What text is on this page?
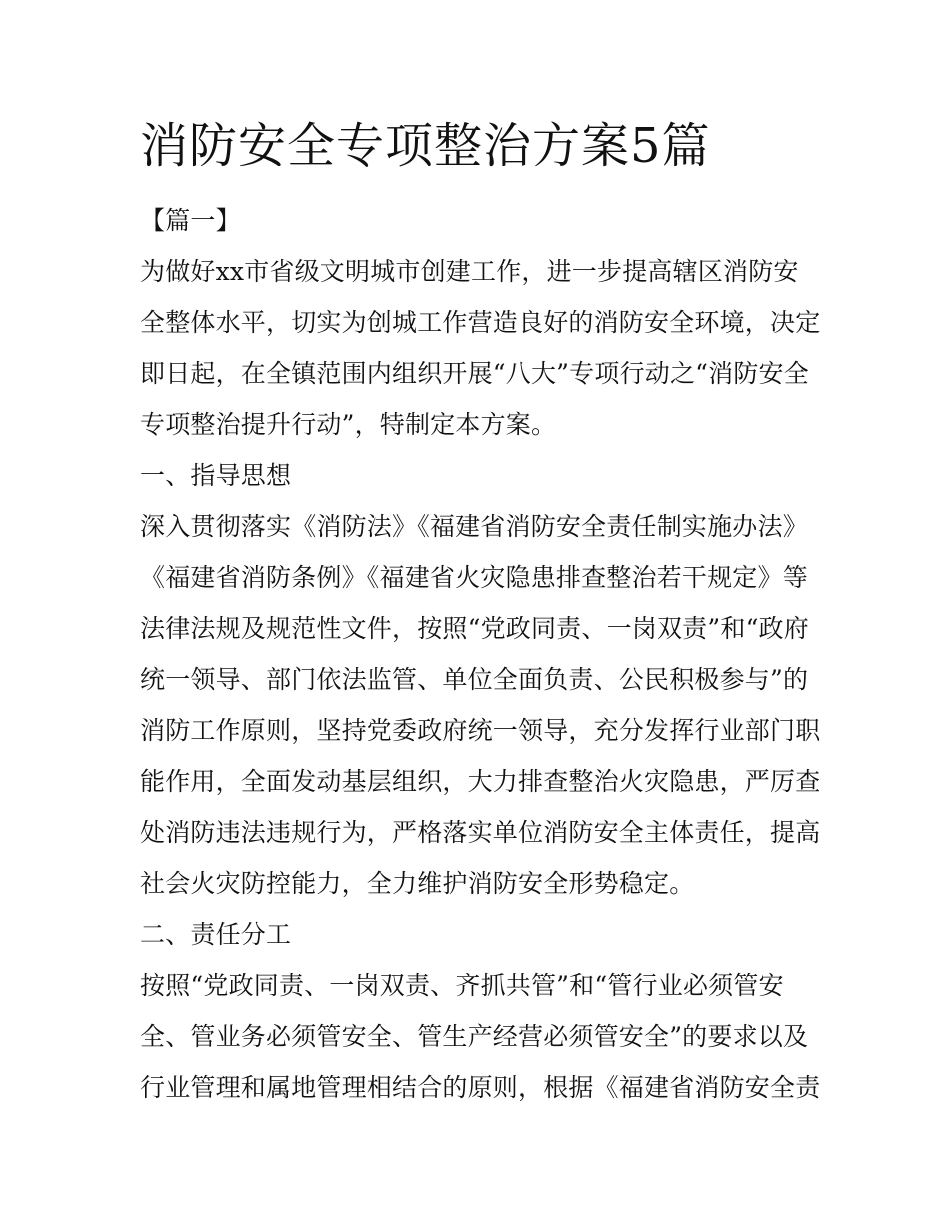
消防安全专项整治方案5篇

【篇一】

为做好xx市省级文明城市创建工作，进一步提高辖区消防安

全整体水平，切实为创城工作营造良好的消防安全环境，决定

即日起，在全镇范围内组织开展“八大”专项行动之“消防安全

专项整治提升行动”，特制定本方案。

一、指导思想

深入贯彻落实《消防法》《福建省消防安全责任制实施办法》

《福建省消防条例》《福建省火灾隐患排查整治若干规定》等

法律法规及规范性文件，按照“党政同责、一岗双责”和“政府

统一领导、部门依法监管、单位全面负责、公民积极参与”的

消防工作原则，坚持党委政府统一领导，充分发挥行业部门职

能作用，全面发动基层组织，大力排查整治火灾隐患，严厉查

处消防违法违规行为，严格落实单位消防安全主体责任，提高

社会火灾防控能力，全力维护消防安全形势稳定。

二、责任分工

按照“党政同责、一岗双责、齐抓共管”和“管行业必须管安

全、管业务必须管安全、管生产经营必须管安全”的要求以及

行业管理和属地管理相结合的原则，根据《福建省消防安全责
